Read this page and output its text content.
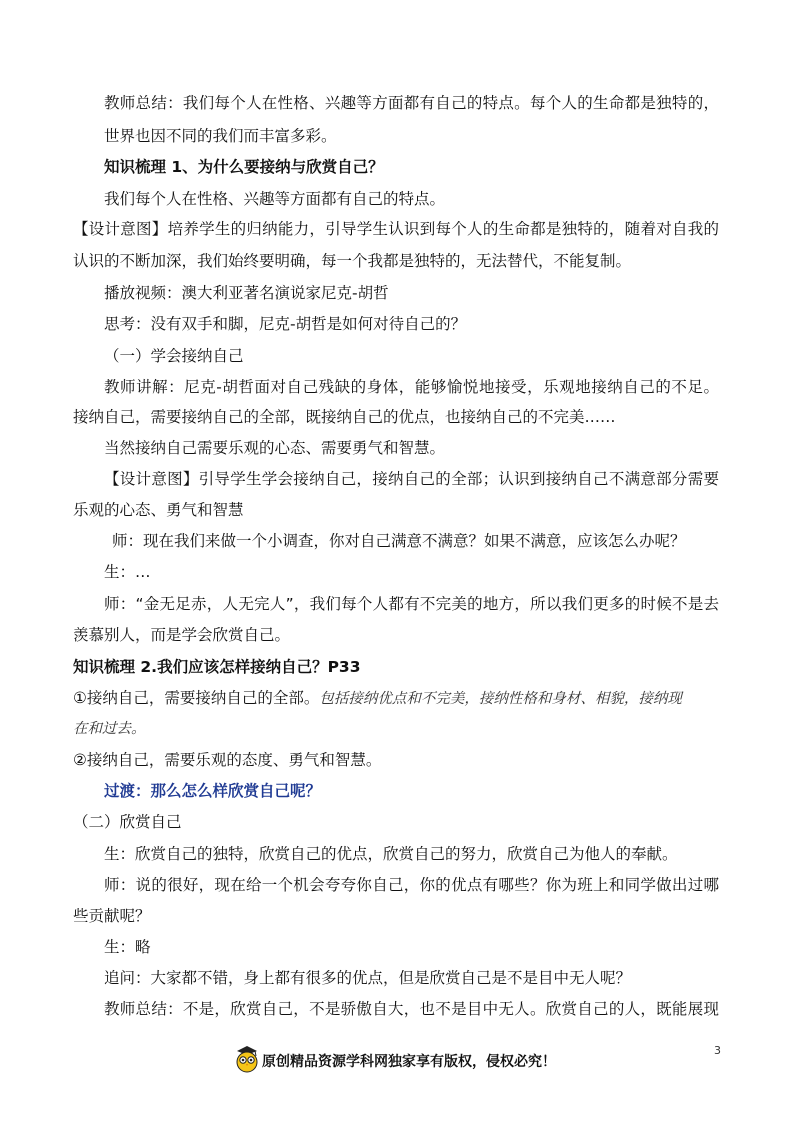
教师总结：我们每个人在性格、兴趣等方面都有自己的特点。每个人的生命都是独特的，
世界也因不同的我们而丰富多彩。
知识梳理 1、为什么要接纳与欣赏自己？
我们每个人在性格、兴趣等方面都有自己的特点。
【设计意图】培养学生的归纳能力，引导学生认识到每个人的生命都是独特的，随着对自我的
认识的不断加深，我们始终要明确，每一个我都是独特的，无法替代，不能复制。
播放视频：澳大利亚著名演说家尼克-胡哲
思考：没有双手和脚，尼克-胡哲是如何对待自己的？
（一）学会接纳自己
教师讲解：尼克-胡哲面对自己残缺的身体，能够愉悦地接受，乐观地接纳自己的不足。
接纳自己，需要接纳自己的全部，既接纳自己的优点，也接纳自己的不完美……
当然接纳自己需要乐观的心态、需要勇气和智慧。
【设计意图】引导学生学会接纳自己，接纳自己的全部；认识到接纳自己不满意部分需要
乐观的心态、勇气和智慧
师：现在我们来做一个小调查，你对自己满意不满意？如果不满意，应该怎么办呢？
生：…
师：“金无足赤，人无完人”，我们每个人都有不完美的地方，所以我们更多的时候不是去
羡慕别人，而是学会欣赏自己。
知识梳理 2.我们应该怎样接纳自己？P33
①接纳自己，需要接纳自己的全部。包括接纳优点和不完美，接纳性格和身材、相貌，接纳现
在和过去。
②接纳自己，需要乐观的态度、勇气和智慧。
过渡：那么怎么样欣赏自己呢？
（二）欣赏自己
生：欣赏自己的独特，欣赏自己的优点，欣赏自己的努力，欣赏自己为他人的奉献。
师：说的很好，现在给一个机会夸夸你自己，你的优点有哪些？你为班上和同学做出过哪
些贡献呢？
生：略
追问：大家都不错，身上都有很多的优点，但是欣赏自己是不是目中无人呢？
教师总结：不是，欣赏自己，不是骄傲自大，也不是目中无人。欣赏自己的人，既能展现
原创精品资源学科网独家享有版权，侵权必究！
3
